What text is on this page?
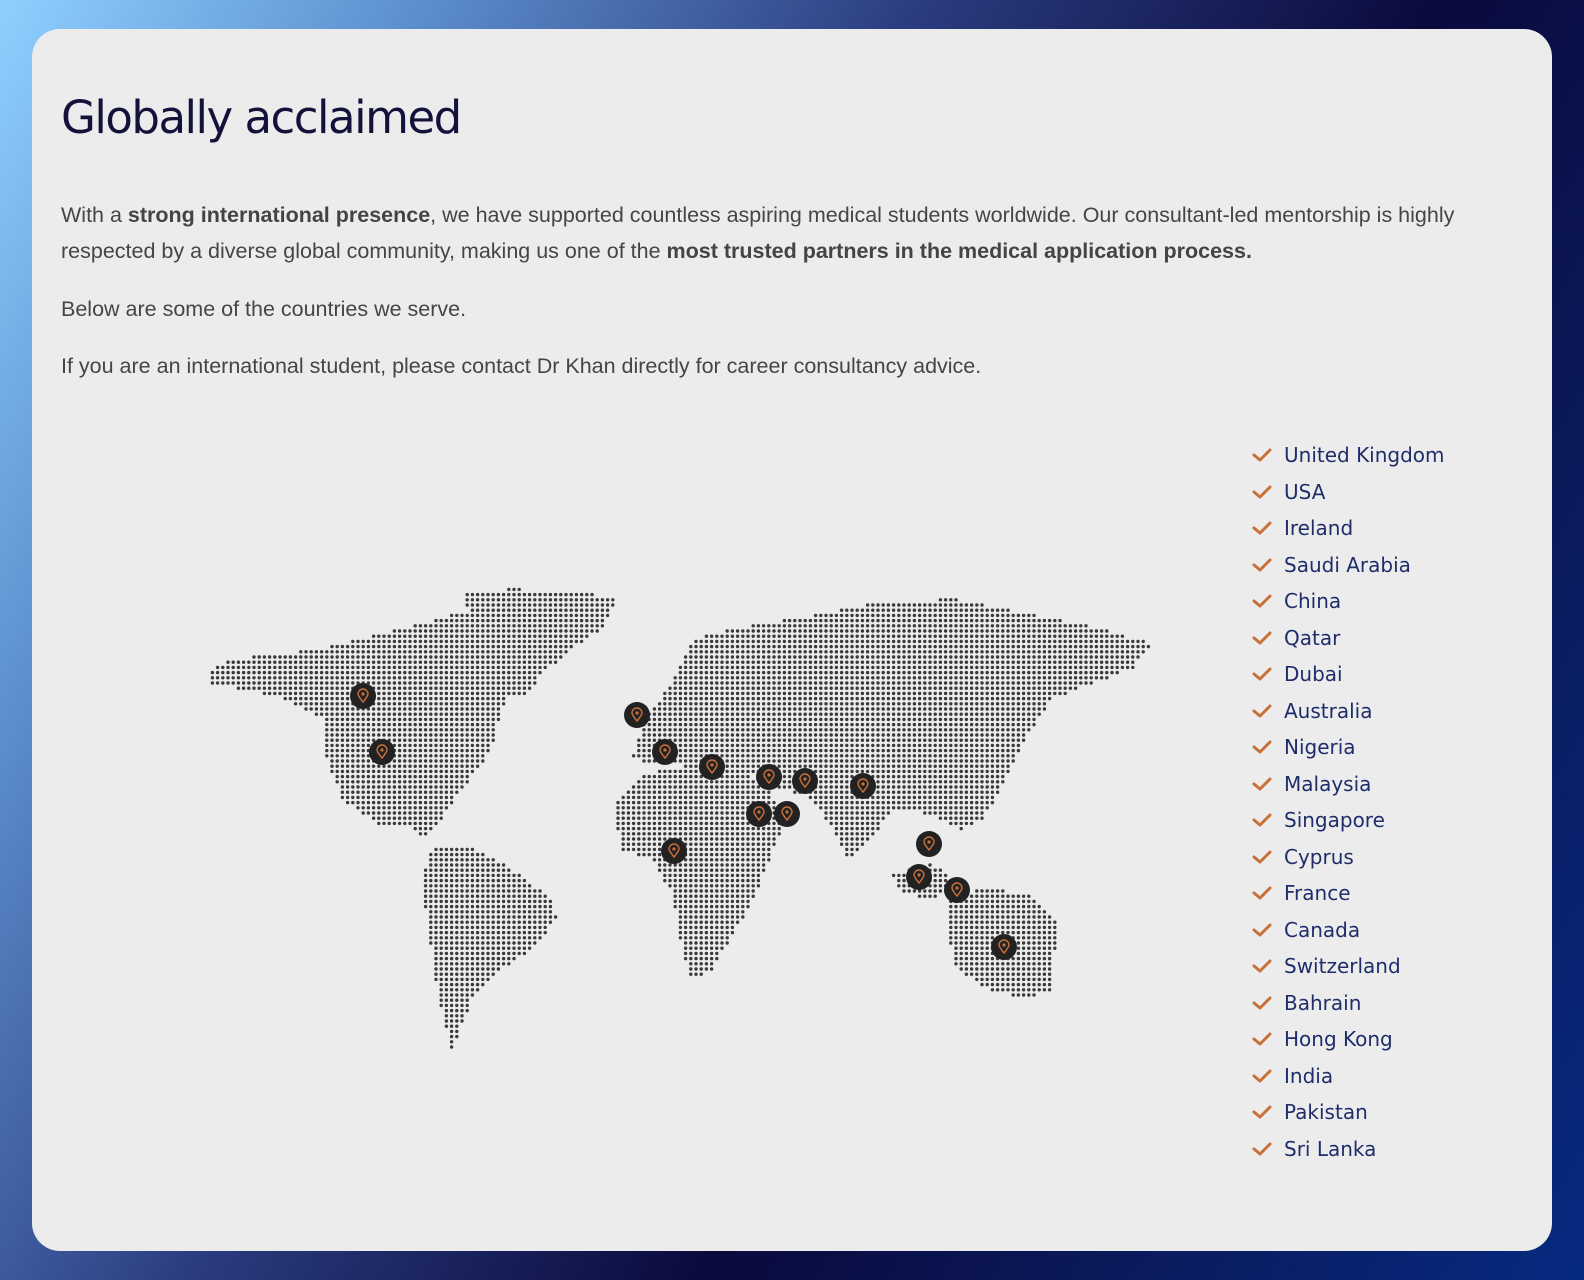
Globally acclaimed

With a strong international presence, we have supported countless aspiring medical students worldwide. Our consultant-led mentorship is highly respected by a diverse global community, making us one of the most trusted partners in the medical application process.

Below are some of the countries we serve.

If you are an international student, please contact Dr Khan directly for career consultancy advice.

United Kingdom
USA
Ireland
Saudi Arabia
China
Qatar
Dubai
Australia
Nigeria
Malaysia
Singapore
Cyprus
France
Canada
Switzerland
Bahrain
Hong Kong
India
Pakistan
Sri Lanka
